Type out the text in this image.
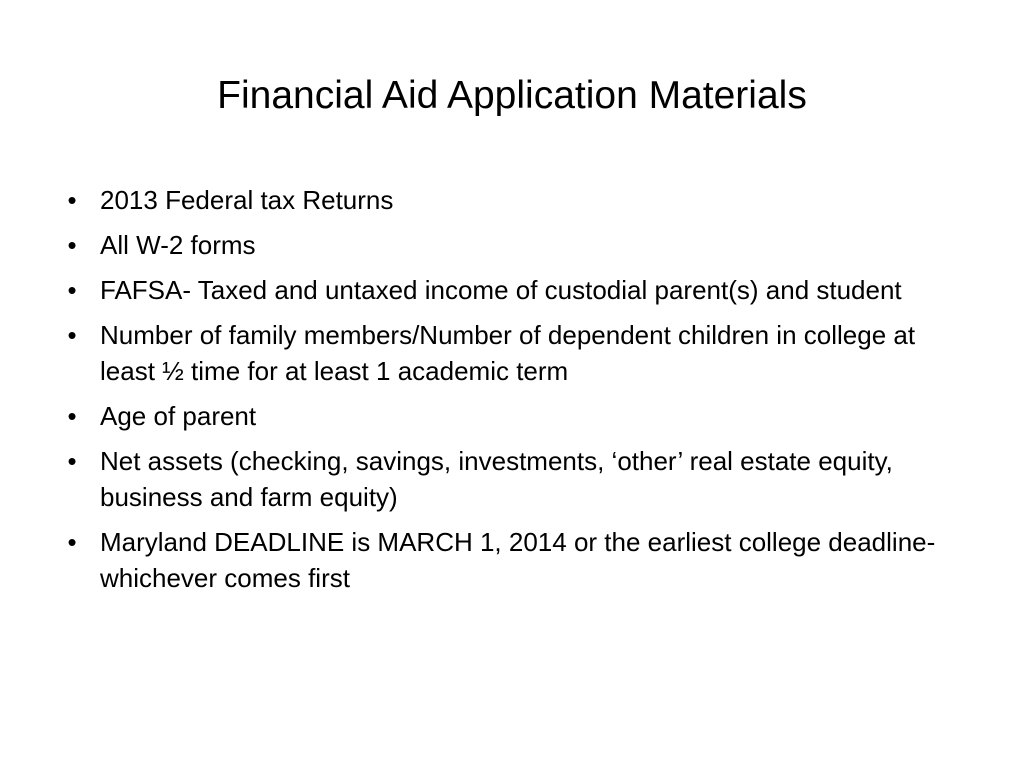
Financial Aid Application Materials
• 2013 Federal tax Returns
• All W-2 forms
• FAFSA- Taxed and untaxed income of custodial parent(s) and student
• Number of family members/Number of dependent children in college at least ½ time for at least 1 academic term
• Age of parent
• Net assets (checking, savings, investments, ‘other’ real estate equity, business and farm equity)
• Maryland DEADLINE is MARCH 1, 2014 or the earliest college deadline-whichever comes first
